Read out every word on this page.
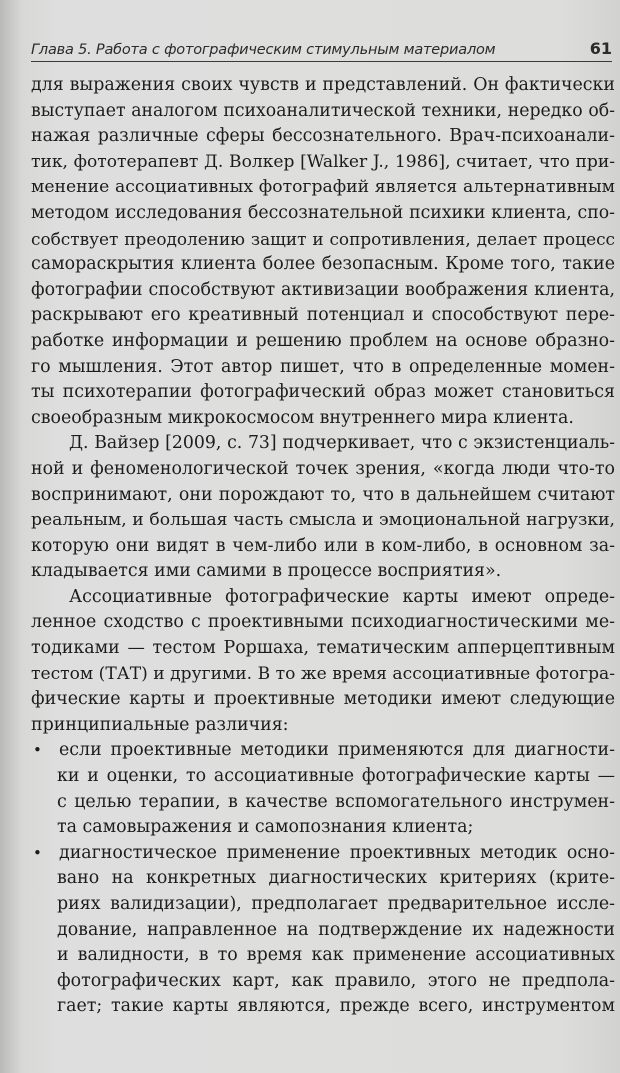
Глава 5. Работа с фотографическим стимульным материалом	61
для выражения своих чувств и представлений. Он фактически
выступает аналогом психоаналитической техники, нередко об-
нажая различные сферы бессознательного. Врач-психоанали-
тик, фототерапевт Д. Волкер [Walker J., 1986], считает, что при-
менение ассоциативных фотографий является альтернативным
методом исследования бессознательной психики клиента, спо-
собствует преодолению защит и сопротивления, делает процесс
самораскрытия клиента более безопасным. Кроме того, такие
фотографии способствуют активизации воображения клиента,
раскрывают его креативный потенциал и способствуют пере-
работке информации и решению проблем на основе образно-
го мышления. Этот автор пишет, что в определенные момен-
ты психотерапии фотографический образ может становиться
своеобразным микрокосмосом внутреннего мира клиента.
Д. Вайзер [2009, с. 73] подчеркивает, что с экзистенциаль-
ной и феноменологической точек зрения, «когда люди что-то
воспринимают, они порождают то, что в дальнейшем считают
реальным, и большая часть смысла и эмоциональной нагрузки,
которую они видят в чем-либо или в ком-либо, в основном за-
кладывается ими самими в процессе восприятия».
Ассоциативные фотографические карты имеют опреде-
ленное сходство с проективными психодиагностическими ме-
тодиками — тестом Роршаха, тематическим апперцептивным
тестом (ТАТ) и другими. В то же время ассоциативные фотогра-
фические карты и проективные методики имеют следующие
принципиальные различия:
• если проективные методики применяются для диагности-
ки и оценки, то ассоциативные фотографические карты —
с целью терапии, в качестве вспомогательного инструмен-
та самовыражения и самопознания клиента;
• диагностическое применение проективных методик осно-
вано на конкретных диагностических критериях (крите-
риях валидизации), предполагает предварительное иссле-
дование, направленное на подтверждение их надежности
и валидности, в то время как применение ассоциативных
фотографических карт, как правило, этого не предпола-
гает; такие карты являются, прежде всего, инструментом
